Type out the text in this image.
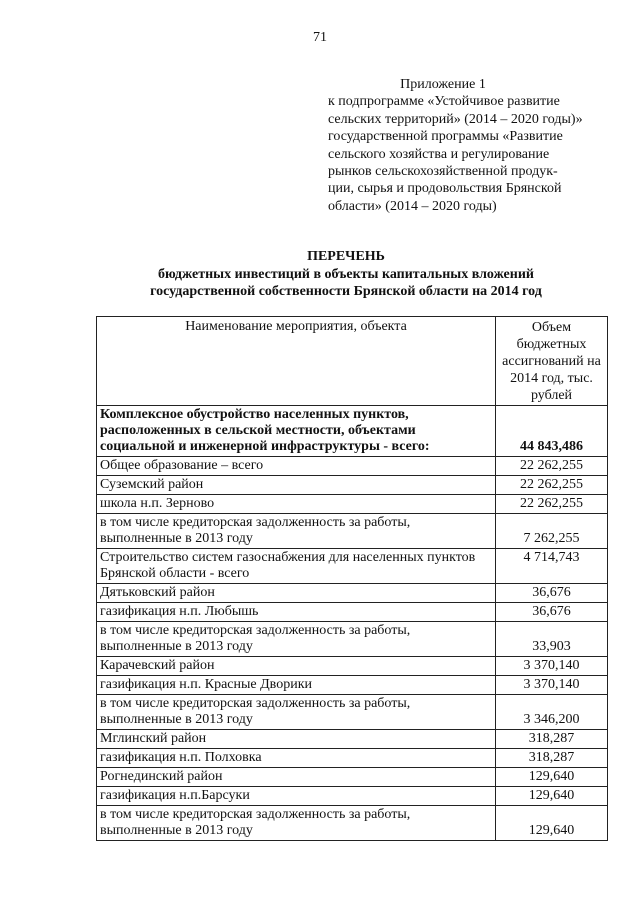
71
Приложение 1
к подпрограмме «Устойчивое развитие
сельских территорий» (2014 – 2020 годы)»
государственной программы «Развитие
сельского хозяйства и регулирование
рынков сельскохозяйственной продук-
ции, сырья и продовольствия Брянской
области» (2014 – 2020 годы)
ПЕРЕЧЕНЬ
бюджетных инвестиций в объекты капитальных вложений
государственной собственности Брянской области на 2014 год
Наименование мероприятия, объекта	Объем бюджетных ассигнований на 2014 год, тыс. рублей
Комплексное обустройство населенных пунктов, расположенных в сельской местности, объектами социальной и инженерной инфраструктуры - всего:	44 843,486
Общее образование – всего	22 262,255
Суземский район	22 262,255
школа н.п. Зерново	22 262,255
в том числе кредиторская задолженность за работы, выполненные в 2013 году	7 262,255
Строительство систем газоснабжения для населенных пунктов Брянской области - всего	4 714,743
Дятьковский район	36,676
газификация н.п. Любышь	36,676
в том числе кредиторская задолженность за работы, выполненные в 2013 году	33,903
Карачевский район	3 370,140
газификация н.п. Красные Дворики	3 370,140
в том числе кредиторская задолженность за работы, выполненные в 2013 году	3 346,200
Мглинский район	318,287
газификация н.п. Полховка	318,287
Рогнединский район	129,640
газификация н.п.Барсуки	129,640
в том числе кредиторская задолженность за работы, выполненные в 2013 году	129,640
